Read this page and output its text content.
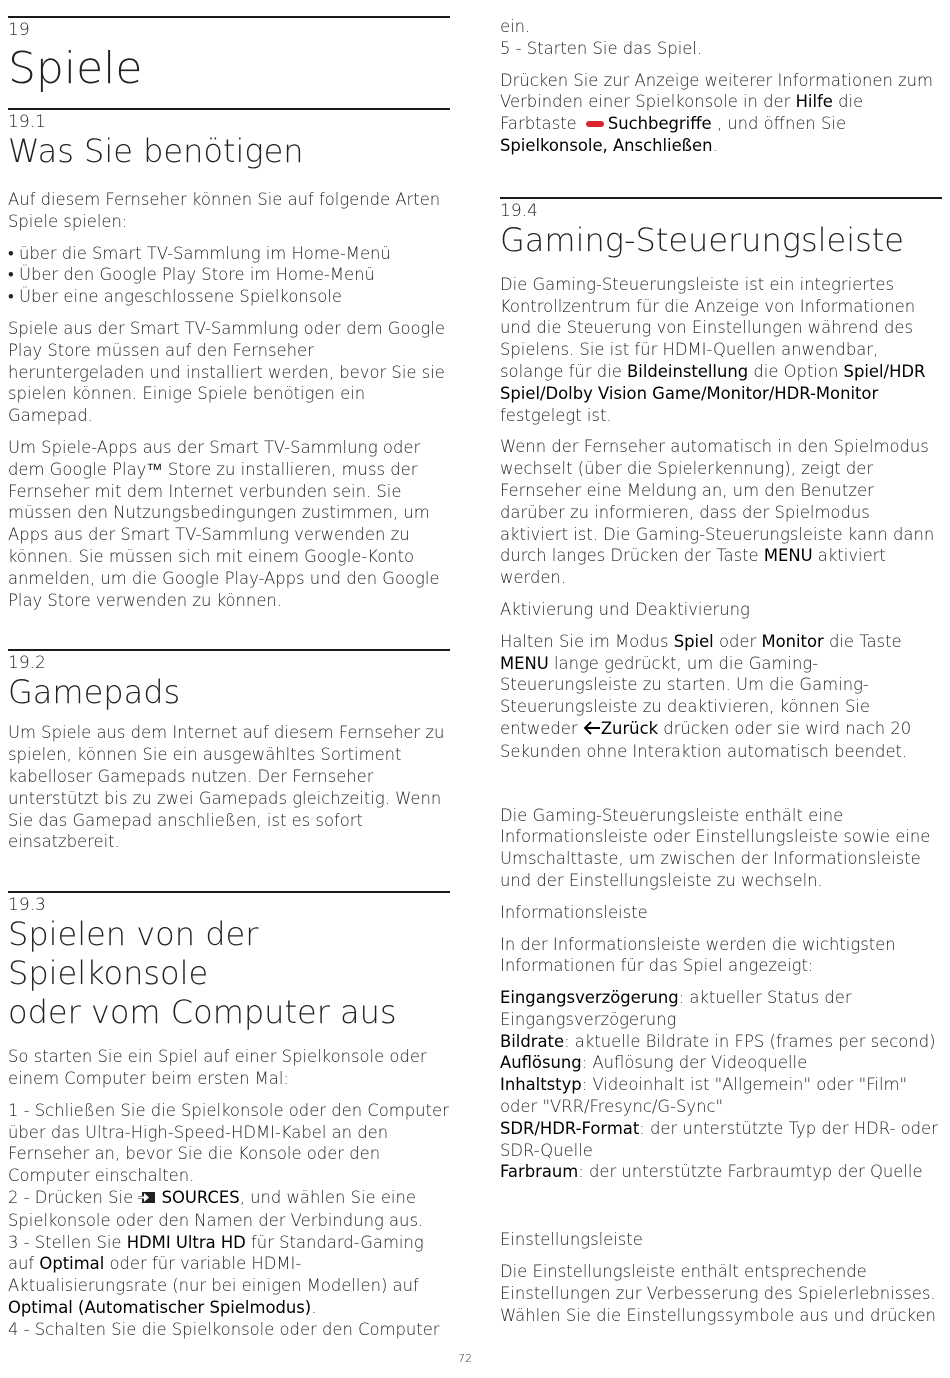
19
Spiele
19.1
Was Sie benötigen

Auf diesem Fernseher können Sie auf folgende Arten Spiele spielen:

• über die Smart TV-Sammlung im Home-Menü

• Über den Google Play Store im Home-Menü

• Über eine angeschlossene Spielkonsole

Spiele aus der Smart TV-Sammlung oder dem Google Play Store müssen auf den Fernseher heruntergeladen und installiert werden, bevor Sie sie spielen können. Einige Spiele benötigen ein Gamepad.

Um Spiele-Apps aus der Smart TV-Sammlung oder dem Google Play™ Store zu installieren, muss der Fernseher mit dem Internet verbunden sein. Sie müssen den Nutzungsbedingungen zustimmen, um Apps aus der Smart TV-Sammlung verwenden zu können. Sie müssen sich mit einem Google-Konto anmelden, um die Google Play-Apps und den Google Play Store verwenden zu können.

19.2
Gamepads

Um Spiele aus dem Internet auf diesem Fernseher zu spielen, können Sie ein ausgewähltes Sortiment kabelloser Gamepads nutzen. Der Fernseher unterstützt bis zu zwei Gamepads gleichzeitig. Wenn Sie das Gamepad anschließen, ist es sofort einsatzbereit.

19.3
Spielen von der Spielkonsole
oder vom Computer aus

So starten Sie ein Spiel auf einer Spielkonsole oder einem Computer beim ersten Mal:

1 - Schließen Sie die Spielkonsole oder den Computer über das Ultra-High-Speed-HDMI-Kabel an den Fernseher an, bevor Sie die Konsole oder den Computer einschalten.

2 - Drücken Sie  SOURCES, und wählen Sie eine Spielkonsole oder den Namen der Verbindung aus.

3 - Stellen Sie HDMI Ultra HD für Standard-Gaming auf Optimal oder für variable HDMI-Aktualisierungsrate (nur bei einigen Modellen) auf Optimal (Automatischer Spielmodus).

4 - Schalten Sie die Spielkonsole oder den Computer

ein.

5 - Starten Sie das Spiel.

Drücken Sie zur Anzeige weiterer Informationen zum Verbinden einer Spielkonsole in der Hilfe die Farbtaste Suchbegriffe , und öffnen Sie Spielkonsole, Anschließen.

19.4
Gaming-Steuerungsleiste

Die Gaming-Steuerungsleiste ist ein integriertes Kontrollzentrum für die Anzeige von Informationen und die Steuerung von Einstellungen während des Spielens. Sie ist für HDMI-Quellen anwendbar, solange für die Bildeinstellung die Option Spiel/HDR Spiel/Dolby Vision Game/Monitor/HDR-Monitor festgelegt ist.

Wenn der Fernseher automatisch in den Spielmodus wechselt (über die Spielerkennung), zeigt der Fernseher eine Meldung an, um den Benutzer darüber zu informieren, dass der Spielmodus aktiviert ist. Die Gaming-Steuerungsleiste kann dann durch langes Drücken der Taste MENU aktiviert werden.

Aktivierung und Deaktivierung

Halten Sie im Modus Spiel oder Monitor die Taste MENU lange gedrückt, um die Gaming-Steuerungsleiste zu starten. Um die Gaming-Steuerungsleiste zu deaktivieren, können Sie entweder Zurück drücken oder sie wird nach 20 Sekunden ohne Interaktion automatisch beendet.

Die Gaming-Steuerungsleiste enthält eine Informationsleiste oder Einstellungsleiste sowie eine Umschalttaste, um zwischen der Informationsleiste und der Einstellungsleiste zu wechseln.

Informationsleiste

In der Informationsleiste werden die wichtigsten Informationen für das Spiel angezeigt:

Eingangsverzögerung: aktueller Status der Eingangsverzögerung

Bildrate: aktuelle Bildrate in FPS (frames per second)

Auflösung: Auflösung der Videoquelle

Inhaltstyp: Videoinhalt ist "Allgemein" oder "Film" oder "VRR/Fresync/G-Sync"

SDR/HDR-Format: der unterstützte Typ der HDR- oder SDR-Quelle

Farbraum: der unterstützte Farbraumtyp der Quelle

Einstellungsleiste

Die Einstellungsleiste enthält entsprechende Einstellungen zur Verbesserung des Spielerlebnisses. Wählen Sie die Einstellungssymbole aus und drücken

72
